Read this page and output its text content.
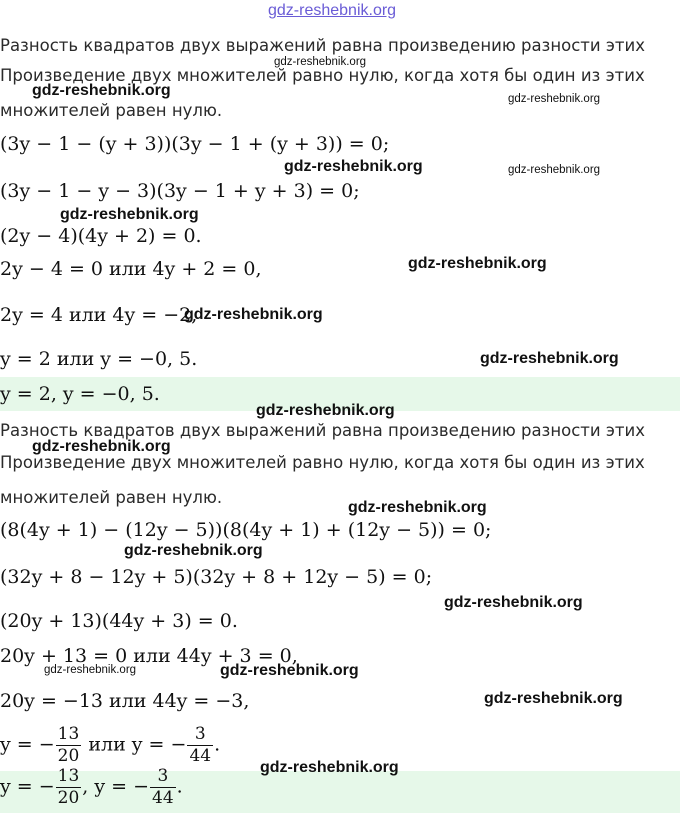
gdz-reshebnik.org
Разность квадратов двух выражений равна произведению разности этих
Произведение двух множителей равно нулю, когда хотя бы один из этих
множителей равен нулю.
(3y − 1 − (y + 3))(3y − 1 + (y + 3)) = 0;
(3y − 1 − y − 3)(3y − 1 + y + 3) = 0;
(2y − 4)(4y + 2) = 0.
2y − 4 = 0 или 4y + 2 = 0,
2y = 4 или 4y = −2,
y = 2 или y = −0, 5.
y = 2, y = −0, 5.
Разность квадратов двух выражений равна произведению разности этих
Произведение двух множителей равно нулю, когда хотя бы один из этих
множителей равен нулю.
(8(4y + 1) − (12y − 5))(8(4y + 1) + (12y − 5)) = 0;
(32y + 8 − 12y + 5)(32y + 8 + 12y − 5) = 0;
(20y + 13)(44y + 3) = 0.
20y + 13 = 0 или 44y + 3 = 0,
20y = −13 или 44y = −3,
y = − $\frac{13}{20}$ или y = − $\frac{3}{44}$ .
y = − $\frac{13}{20}$ , y = − $\frac{3}{44}$ .
gdz-reshebnik.org
gdz-reshebnik.org	gdz-reshebnik.org
gdz-reshebnik.org	gdz-reshebnik.org
gdz-reshebnik.org
gdz-reshebnik.org
gdz-reshebnik.org
gdz-reshebnik.org
gdz-reshebnik.org
gdz-reshebnik.org
gdz-reshebnik.org
gdz-reshebnik.org
gdz-reshebnik.org
gdz-reshebnik.org	gdz-reshebnik.org
gdz-reshebnik.org
gdz-reshebnik.org
